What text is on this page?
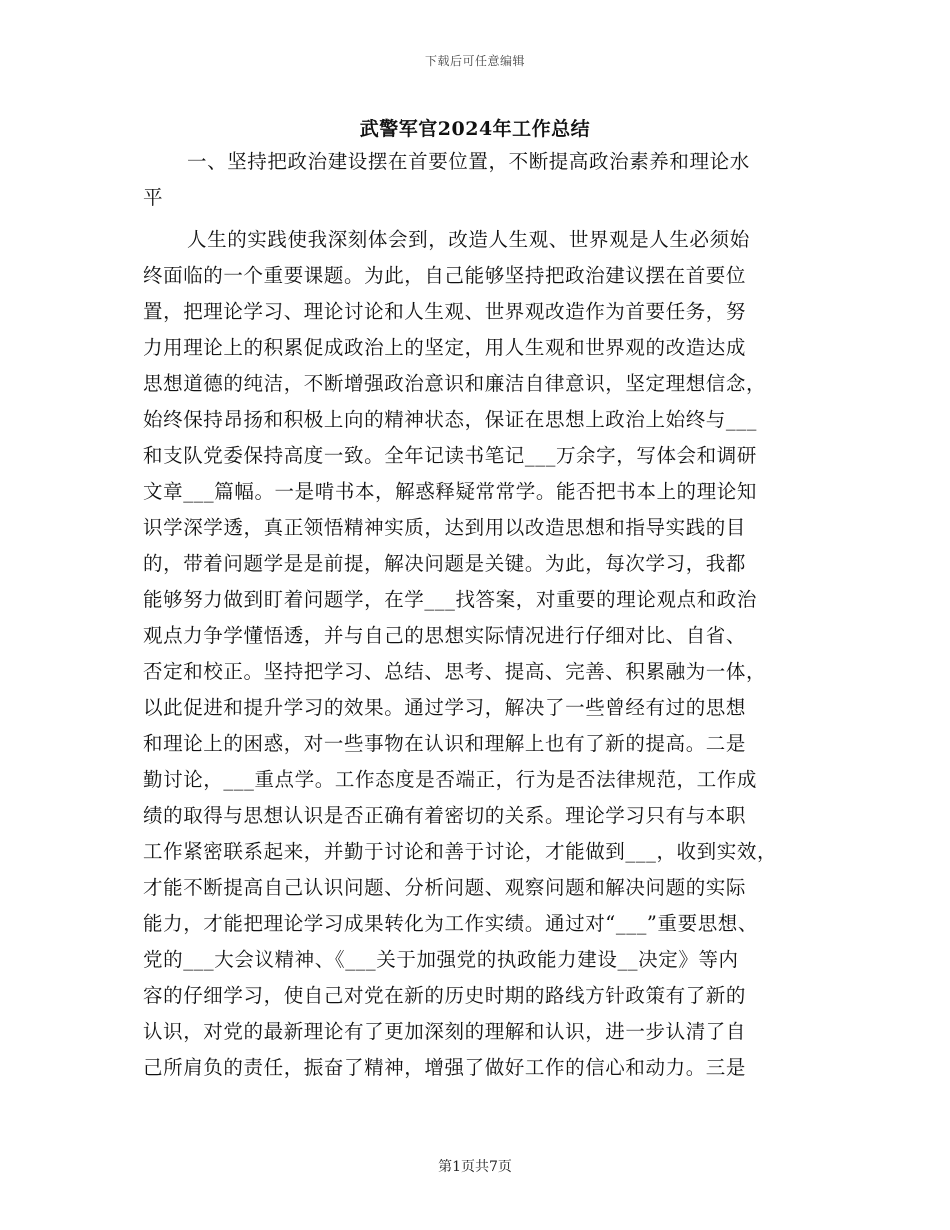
下载后可任意编辑
武警军官2024年工作总结
一、坚持把政治建设摆在首要位置，不断提高政治素养和理论水
平
人生的实践使我深刻体会到，改造人生观、世界观是人生必须始
终面临的一个重要课题。为此，自己能够坚持把政治建议摆在首要位
置，把理论学习、理论讨论和人生观、世界观改造作为首要任务，努
力用理论上的积累促成政治上的坚定，用人生观和世界观的改造达成
思想道德的纯洁，不断增强政治意识和廉洁自律意识，坚定理想信念，
始终保持昂扬和积极上向的精神状态，保证在思想上政治上始终与___
和支队党委保持高度一致。全年记读书笔记___万余字，写体会和调研
文章___篇幅。一是啃书本，解惑释疑常常学。能否把书本上的理论知
识学深学透，真正领悟精神实质，达到用以改造思想和指导实践的目
的，带着问题学是是前提，解决问题是关键。为此，每次学习，我都
能够努力做到盯着问题学，在学___找答案，对重要的理论观点和政治
观点力争学懂悟透，并与自己的思想实际情况进行仔细对比、自省、
否定和校正。坚持把学习、总结、思考、提高、完善、积累融为一体，
以此促进和提升学习的效果。通过学习，解决了一些曾经有过的思想
和理论上的困惑，对一些事物在认识和理解上也有了新的提高。二是
勤讨论，___重点学。工作态度是否端正，行为是否法律规范，工作成
绩的取得与思想认识是否正确有着密切的关系。理论学习只有与本职
工作紧密联系起来，并勤于讨论和善于讨论，才能做到___，收到实效，
才能不断提高自己认识问题、分析问题、观察问题和解决问题的实际
能力，才能把理论学习成果转化为工作实绩。通过对“___”重要思想、
党的___大会议精神、《___关于加强党的执政能力建设__决定》等内
容的仔细学习，使自己对党在新的历史时期的路线方针政策有了新的
认识，对党的最新理论有了更加深刻的理解和认识，进一步认清了自
己所肩负的责任，振奋了精神，增强了做好工作的信心和动力。三是
第1页共7页
